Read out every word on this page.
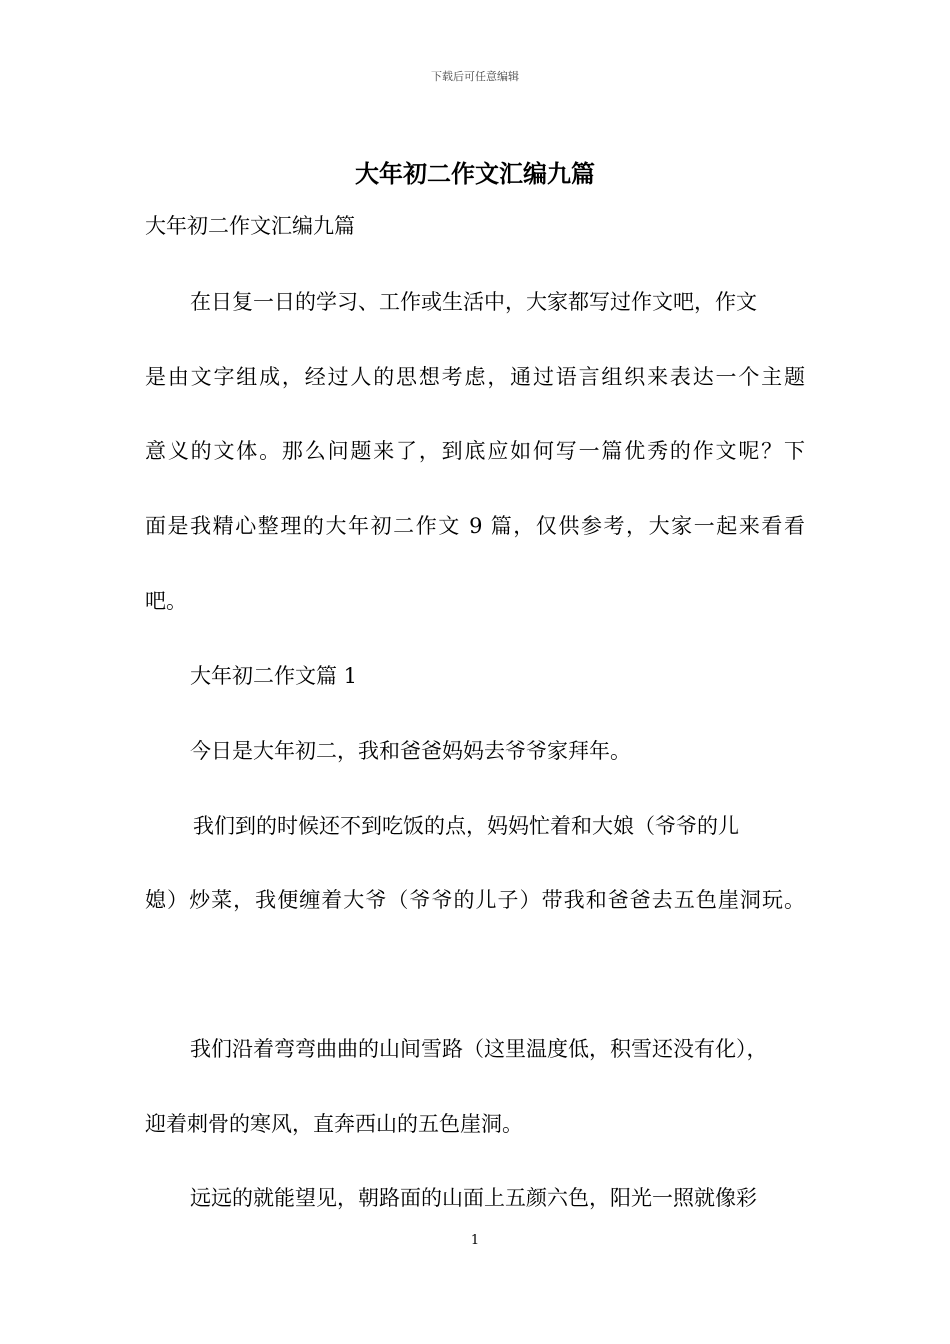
下载后可任意编辑
大年初二作文汇编九篇

大年初二作文汇编九篇

在日复一日的学习、工作或生活中，大家都写过作文吧，作文

是由文字组成，经过人的思想考虑，通过语言组织来表达一个主题

意义的文体。那么问题来了，到底应如何写一篇优秀的作文呢？下

面是我精心整理的大年初二作文 9 篇，仅供参考，大家一起来看看

吧。

大年初二作文篇 1

今日是大年初二，我和爸爸妈妈去爷爷家拜年。

我们到的时候还不到吃饭的点，妈妈忙着和大娘（爷爷的儿

媳）炒菜，我便缠着大爷（爷爷的儿子）带我和爸爸去五色崖洞玩。

我们沿着弯弯曲曲的山间雪路（这里温度低，积雪还没有化），

迎着刺骨的寒风，直奔西山的五色崖洞。

远远的就能望见，朝路面的山面上五颜六色，阳光一照就像彩

1
